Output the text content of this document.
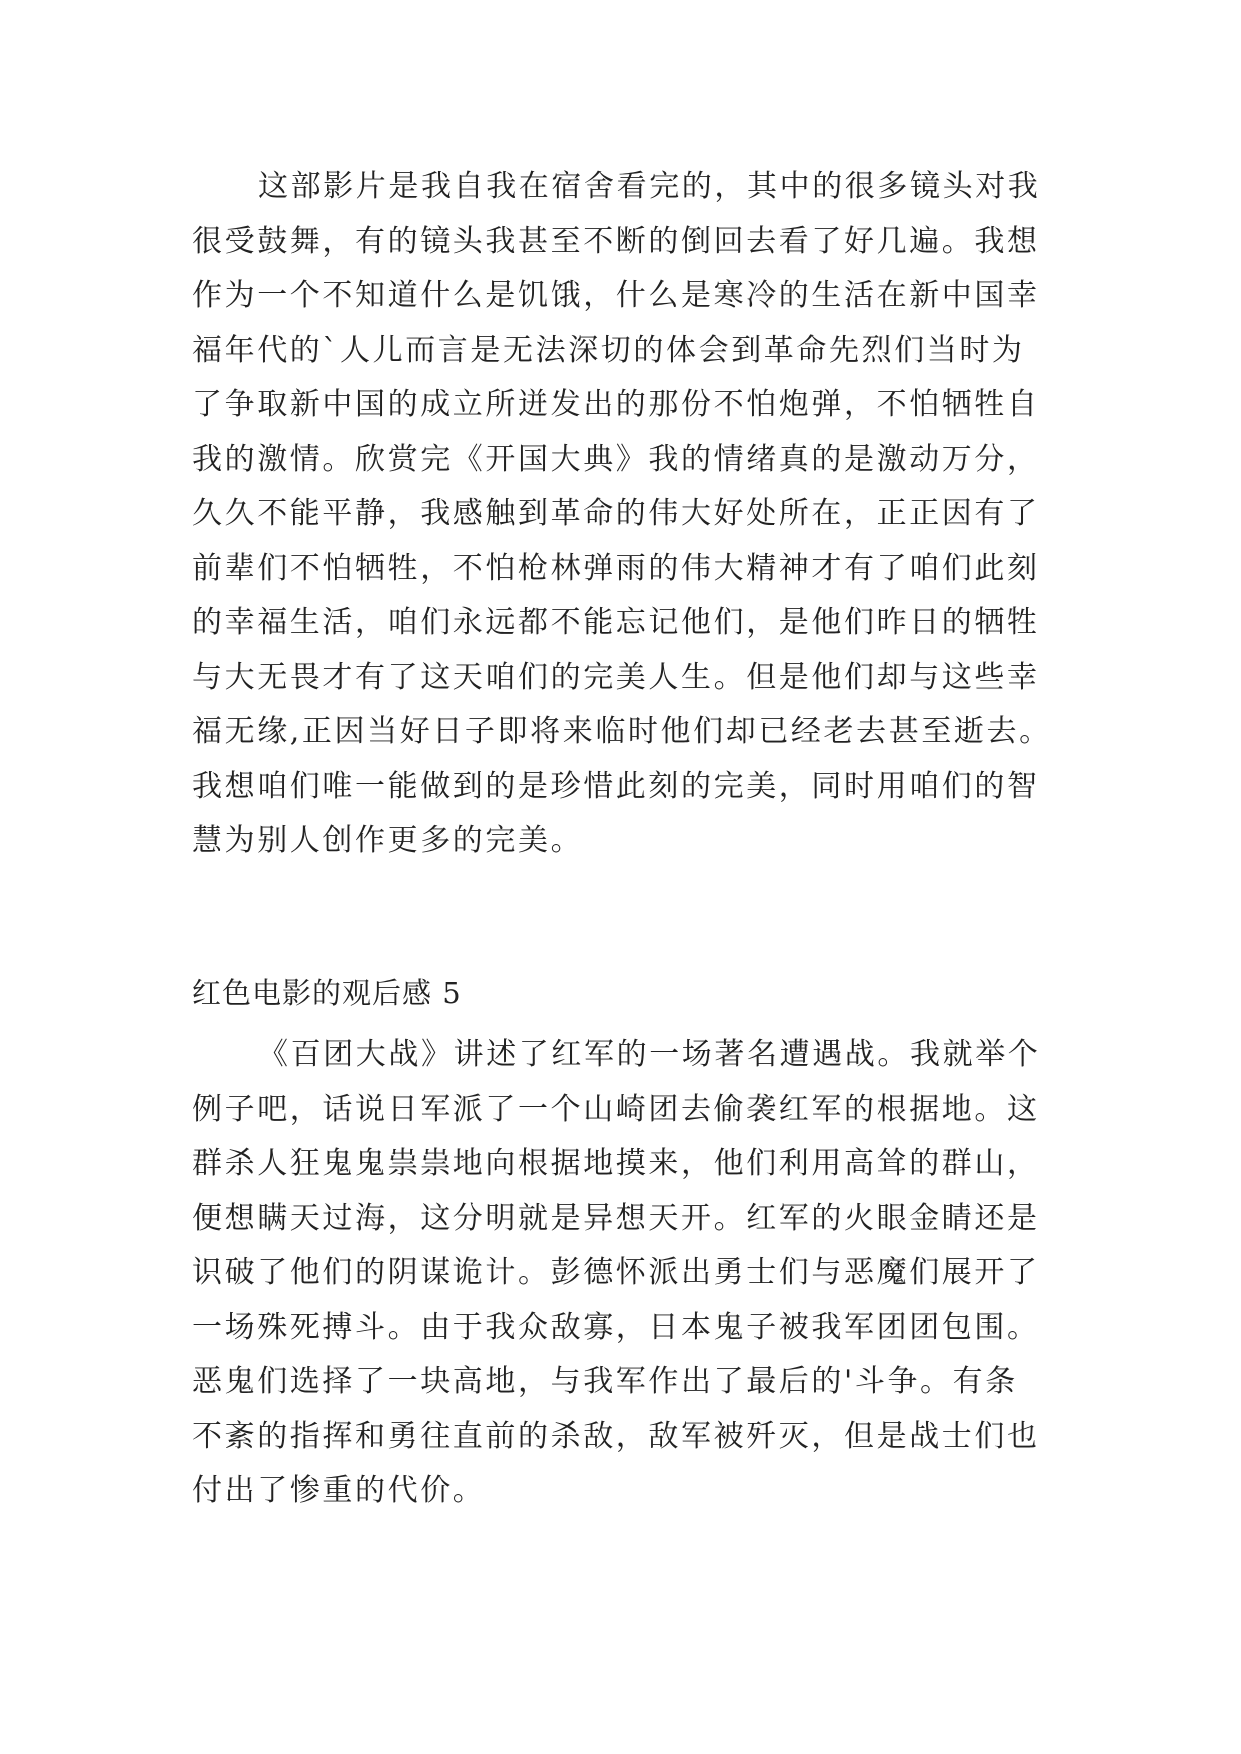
这部影片是我自我在宿舍看完的，其中的很多镜头对我
很受鼓舞，有的镜头我甚至不断的倒回去看了好几遍。我想
作为一个不知道什么是饥饿，什么是寒冷的生活在新中国幸
福年代的`人儿而言是无法深切的体会到革命先烈们当时为
了争取新中国的成立所迸发出的那份不怕炮弹，不怕牺牲自
我的激情。欣赏完《开国大典》我的情绪真的是激动万分，
久久不能平静，我感触到革命的伟大好处所在，正正因有了
前辈们不怕牺牲，不怕枪林弹雨的伟大精神才有了咱们此刻
的幸福生活，咱们永远都不能忘记他们，是他们昨日的牺牲
与大无畏才有了这天咱们的完美人生。但是他们却与这些幸
福无缘,正因当好日子即将来临时他们却已经老去甚至逝去。
我想咱们唯一能做到的是珍惜此刻的完美，同时用咱们的智
慧为别人创作更多的完美。
红色电影的观后感 5
《百团大战》讲述了红军的一场著名遭遇战。我就举个
例子吧，话说日军派了一个山崎团去偷袭红军的根据地。这
群杀人狂鬼鬼祟祟地向根据地摸来，他们利用高耸的群山，
便想瞒天过海，这分明就是异想天开。红军的火眼金睛还是
识破了他们的阴谋诡计。彭德怀派出勇士们与恶魔们展开了
一场殊死搏斗。由于我众敌寡，日本鬼子被我军团团包围。
恶鬼们选择了一块高地，与我军作出了最后的'斗争。有条
不紊的指挥和勇往直前的杀敌，敌军被歼灭，但是战士们也
付出了惨重的代价。
